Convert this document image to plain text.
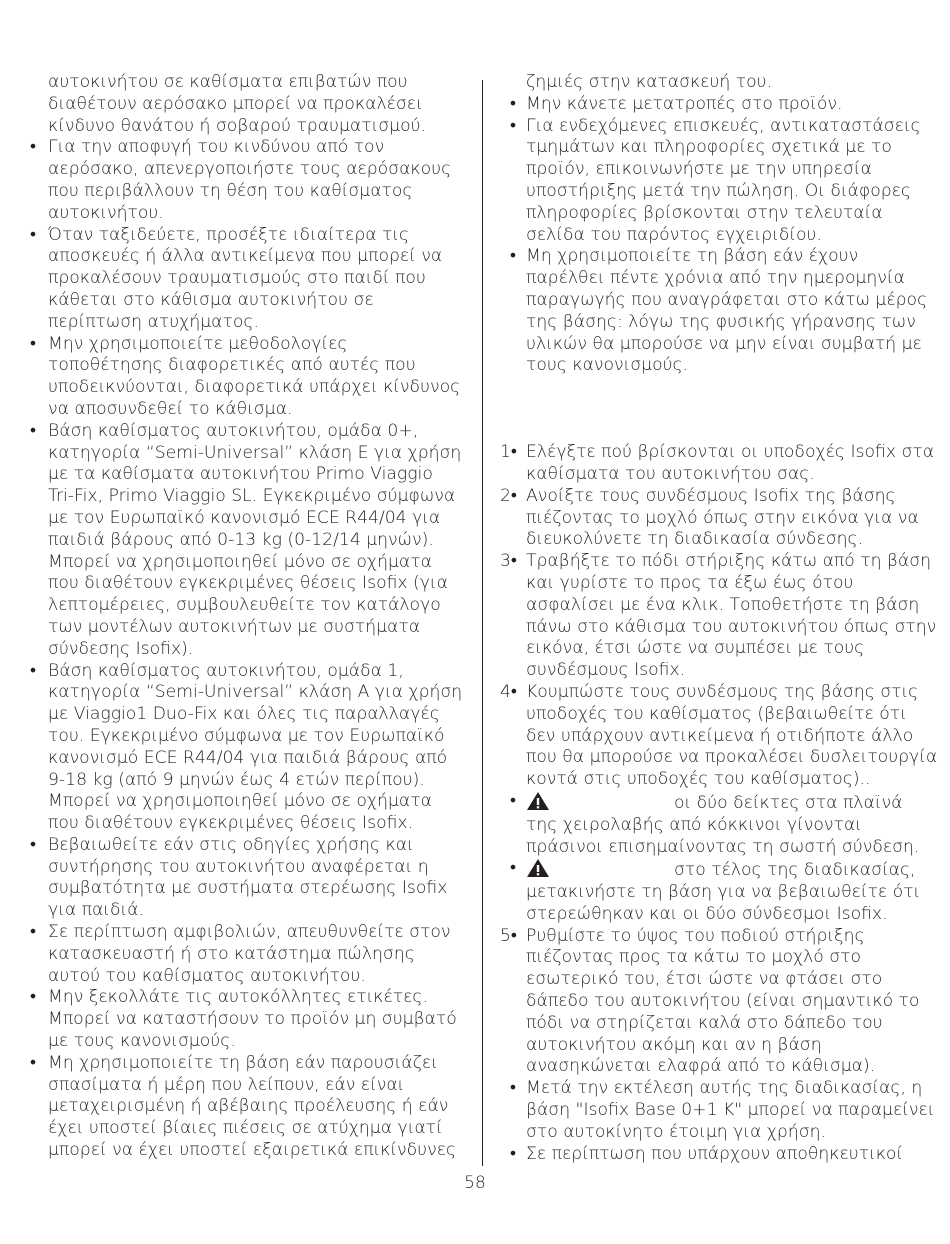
αυτοκινήτου σε καθίσματα επιβατών που διαθέτουν αερόσακο μπορεί να προκαλέσει κίνδυνο θανάτου ή σοβαρού τραυματισμού.

• Για την αποφυγή του κινδύνου από τον αερόσακο, απενεργοποιήστε τους αερόσακους που περιβάλλουν τη θέση του καθίσματος αυτοκινήτου.
• Όταν ταξιδεύετε, προσέξτε ιδιαίτερα τις αποσκευές ή άλλα αντικείμενα που μπορεί να προκαλέσουν τραυματισμούς στο παιδί που κάθεται στο κάθισμα αυτοκινήτου σε περίπτωση ατυχήματος.
• Μην χρησιμοποιείτε μεθοδολογίες τοποθέτησης διαφορετικές από αυτές που υποδεικνύονται, διαφορετικά υπάρχει κίνδυνος να αποσυνδεθεί το κάθισμα.
• Βάση καθίσματος αυτοκινήτου, ομάδα 0+, κατηγορία “Semi-Universal” κλάση E για χρήση με τα καθίσματα αυτοκινήτου Primo Viaggio Tri-Fix, Primo Viaggio SL. Εγκεκριμένο σύμφωνα με τον Ευρωπαϊκό κανονισμό ECE R44/04 για παιδιά βάρους από 0-13 kg (0-12/14 μηνών). Μπορεί να χρησιμοποιηθεί μόνο σε οχήματα που διαθέτουν εγκεκριμένες θέσεις Isofix (για λεπτομέρειες, συμβουλευθείτε τον κατάλογο των μοντέλων αυτοκινήτων με συστήματα σύνδεσης Isofix).
• Βάση καθίσματος αυτοκινήτου, ομάδα 1, κατηγορία “Semi-Universal” κλάση A για χρήση με Viaggio1 Duo-Fix και όλες τις παραλλαγές του. Εγκεκριμένο σύμφωνα με τον Ευρωπαϊκό κανονισμό ECE R44/04 για παιδιά βάρους από 9-18 kg (από 9 μηνών έως 4 ετών περίπου). Μπορεί να χρησιμοποιηθεί μόνο σε οχήματα που διαθέτουν εγκεκριμένες θέσεις Isofix.
• Βεβαιωθείτε εάν στις οδηγίες χρήσης και συντήρησης του αυτοκινήτου αναφέρεται η συμβατότητα με συστήματα στερέωσης Isofix για παιδιά.
• Σε περίπτωση αμφιβολιών, απευθυνθείτε στον κατασκευαστή ή στο κατάστημα πώλησης αυτού του καθίσματος αυτοκινήτου.
• Μην ξεκολλάτε τις αυτοκόλλητες ετικέτες. Μπορεί να καταστήσουν το προϊόν μη συμβατό με τους κανονισμούς.
• Μη χρησιμοποιείτε τη βάση εάν παρουσιάζει σπασίματα ή μέρη που λείπουν, εάν είναι μεταχειρισμένη ή αβέβαιης προέλευσης ή εάν έχει υποστεί βίαιες πιέσεις σε ατύχημα γιατί μπορεί να έχει υποστεί εξαιρετικά επικίνδυνες

ζημιές στην κατασκευή του.

• Μην κάνετε μετατροπές στο προϊόν.
• Για ενδεχόμενες επισκευές, αντικαταστάσεις τμημάτων και πληροφορίες σχετικά με το προϊόν, επικοινωνήστε με την υπηρεσία υποστήριξης μετά την πώληση. Οι διάφορες πληροφορίες βρίσκονται στην τελευταία σελίδα του παρόντος εγχειριδίου.
• Μη χρησιμοποιείτε τη βάση εάν έχουν παρέλθει πέντε χρόνια από την ημερομηνία παραγωγής που αναγράφεται στο κάτω μέρος της βάσης: λόγω της φυσικής γήρανσης των υλικών θα μπορούσε να μην είναι συμβατή με τους κανονισμούς.
1• Ελέγξτε πού βρίσκονται οι υποδοχές Isofix στα καθίσματα του αυτοκινήτου σας.
2• Ανοίξτε τους συνδέσμους Isofix της βάσης πιέζοντας το μοχλό όπως στην εικόνα για να διευκολύνετε τη διαδικασία σύνδεσης.
3• Τραβήξτε το πόδι στήριξης κάτω από τη βάση και γυρίστε το προς τα έξω έως ότου ασφαλίσει με ένα κλικ. Τοποθετήστε τη βάση πάνω στο κάθισμα του αυτοκινήτου όπως στην εικόνα, έτσι ώστε να συμπέσει με τους συνδέσμους Isofix.
4• Κουμπώστε τους συνδέσμους της βάσης στις υποδοχές του καθίσματος (βεβαιωθείτε ότι δεν υπάρχουν αντικείμενα ή οτιδήποτε άλλο που θα μπορούσε να προκαλέσει δυσλειτουργία κοντά στις υποδοχές του καθίσματος)..

• οι δύο δείκτες στα πλαϊνά της χειρολαβής από κόκκινοι γίνονται πράσινοι επισημαίνοντας τη σωστή σύνδεση.

• στο τέλος της διαδικασίας, μετακινήστε τη βάση για να βεβαιωθείτε ότι στερεώθηκαν και οι δύο σύνδεσμοι Isofix.

5• Ρυθμίστε το ύψος του ποδιού στήριξης πιέζοντας προς τα κάτω το μοχλό στο εσωτερικό του, έτσι ώστε να φτάσει στο δάπεδο του αυτοκινήτου (είναι σημαντικό το πόδι να στηρίζεται καλά στο δάπεδο του αυτοκινήτου ακόμη και αν η βάση ανασηκώνεται ελαφρά από το κάθισμα).

• Μετά την εκτέλεση αυτής της διαδικασίας, η βάση "Isofix Base 0+1 K" μπορεί να παραμείνει στο αυτοκίνητο έτοιμη για χρήση.

• Σε περίπτωση που υπάρχουν αποθηκευτικοί

58
